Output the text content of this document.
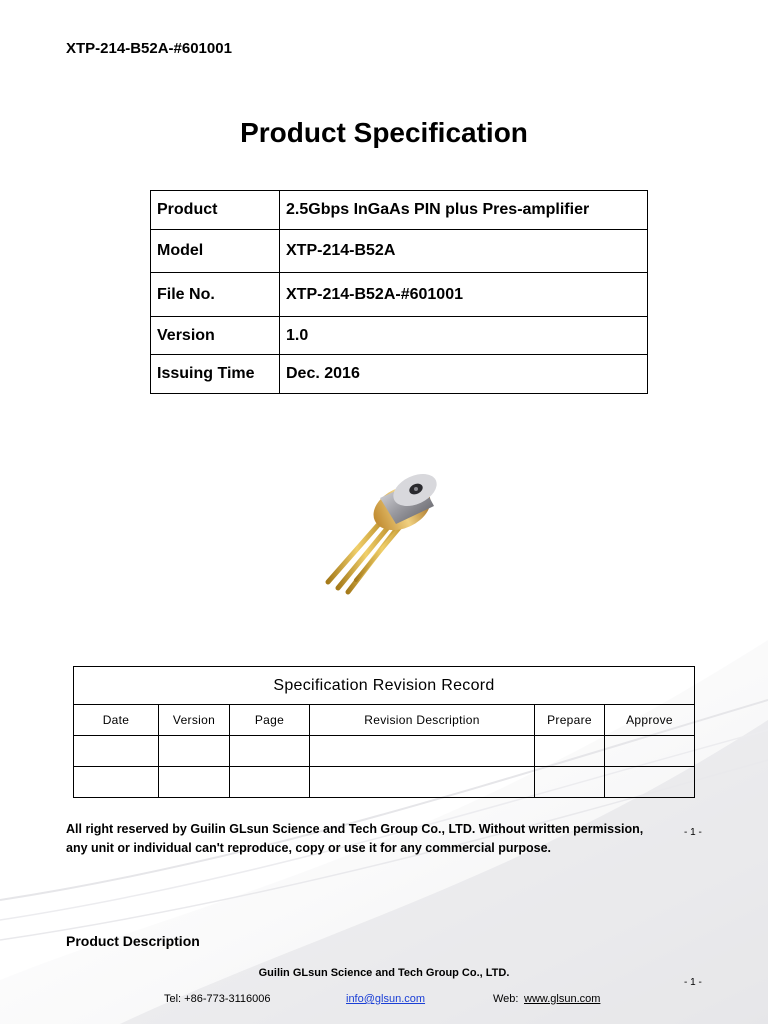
XTP-214-B52A-#601001
Product Specification
Product	2.5Gbps InGaAs PIN plus Pres-amplifier
Model	XTP-214-B52A
File No.	XTP-214-B52A-#601001
Version	1.0
Issuing Time	Dec. 2016
Specification Revision Record					
Date	Version	Page	Revision Description	Prepare	Approve

All right reserved by Guilin GLsun Science and Tech Group Co., LTD. Without written permission,
any unit or individual can't reproduce, copy or use it for any commercial purpose.
- 1 -
Product Description
Guilin GLsun Science and Tech Group Co., LTD.
- 1 -
Tel: +86-773-3116006	info@glsun.com	Web: www.glsun.com
